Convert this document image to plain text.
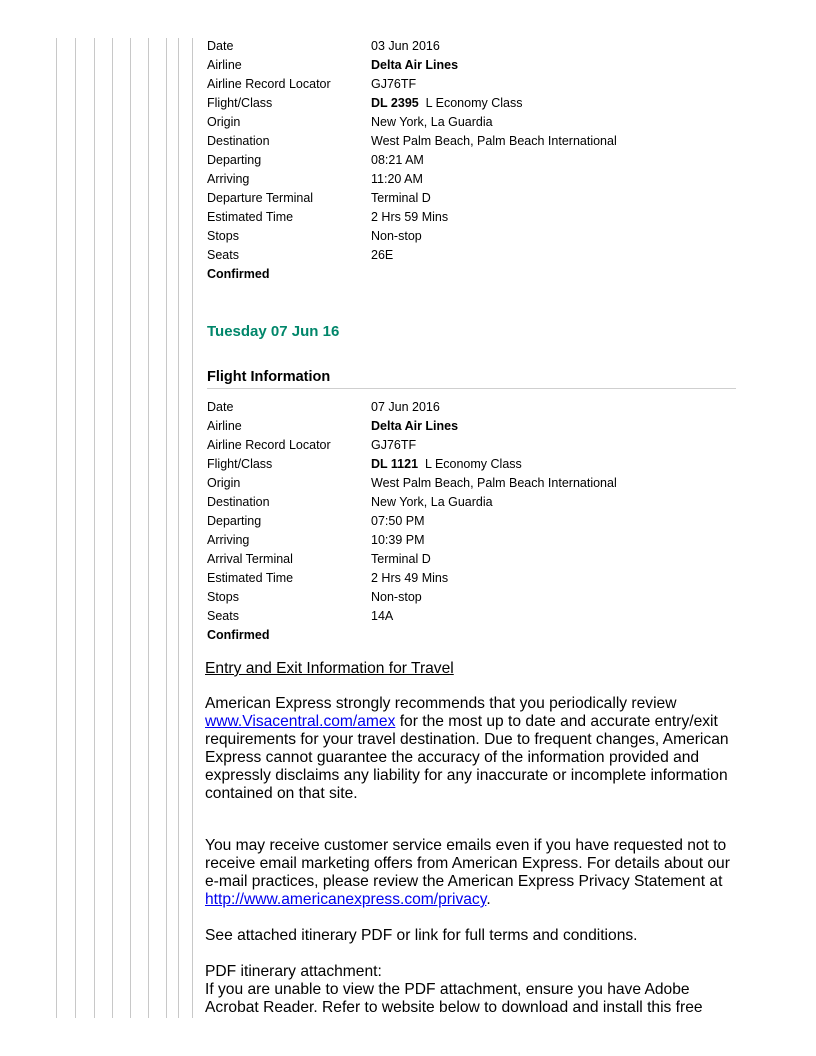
Date	03 Jun 2016
Airline	Delta Air Lines
Airline Record Locator	GJ76TF
Flight/Class	DL 2395 L Economy Class
Origin	New York, La Guardia
Destination	West Palm Beach, Palm Beach International
Departing	08:21 AM
Arriving	11:20 AM
Departure Terminal	Terminal D
Estimated Time	2 Hrs 59 Mins
Stops	Non-stop
Seats	26E
Confirmed
Tuesday 07 Jun 16
Flight Information
Date	07 Jun 2016
Airline	Delta Air Lines
Airline Record Locator	GJ76TF
Flight/Class	DL 1121 L Economy Class
Origin	West Palm Beach, Palm Beach International
Destination	New York, La Guardia
Departing	07:50 PM
Arriving	10:39 PM
Arrival Terminal	Terminal D
Estimated Time	2 Hrs 49 Mins
Stops	Non-stop
Seats	14A
Confirmed
Entry and Exit Information for Travel

American Express strongly recommends that you periodically review www.Visacentral.com/amex for the most up to date and accurate entry/exit requirements for your travel destination. Due to frequent changes, American Express cannot guarantee the accuracy of the information provided and expressly disclaims any liability for any inaccurate or incomplete information contained on that site.

You may receive customer service emails even if you have requested not to receive email marketing offers from American Express. For details about our e-mail practices, please review the American Express Privacy Statement at http://www.americanexpress.com/privacy.

See attached itinerary PDF or link for full terms and conditions.

PDF itinerary attachment:

If you are unable to view the PDF attachment, ensure you have Adobe Acrobat Reader. Refer to website below to download and install this free
